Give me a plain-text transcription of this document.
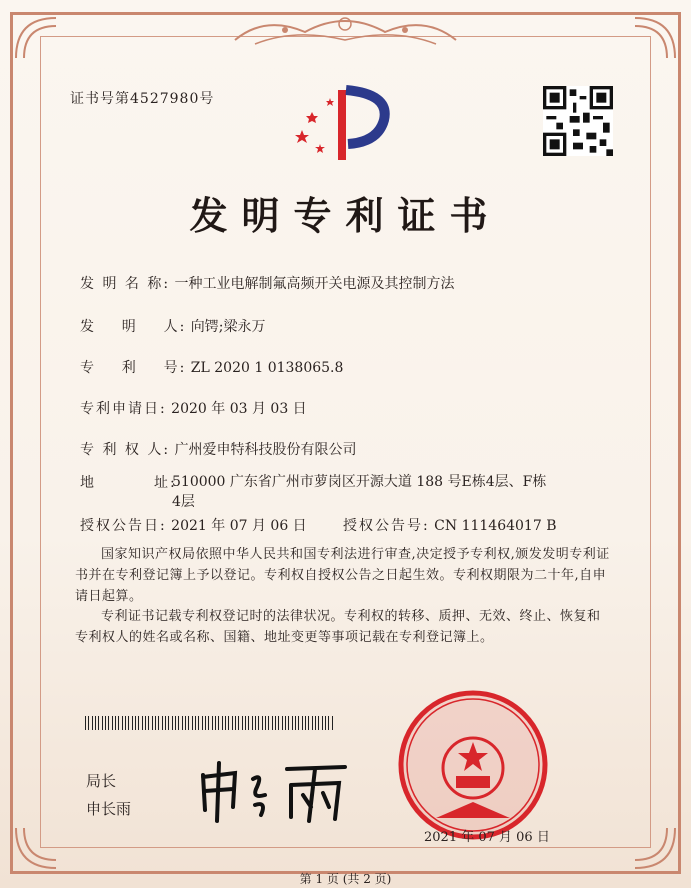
证书号第4527980号
发明专利证书
发 明 名 称: 一种工业电解制氟高频开关电源及其控制方法
发    明    人: 向锷;梁永万
专    利    号: ZL 2020 1 0138065.8
专利申请日: 2020 年 03 月 03 日
专 利 权 人: 广州爱申特科技股份有限公司
地         址:
510000 广东省广州市萝岗区开源大道 188 号E栋4层、F栋4层
授权公告日: 2021 年 07 月 06 日	授权公告号: CN 111464017 B
国家知识产权局依照中华人民共和国专利法进行审查,决定授予专利权,颁发发明专利证书并在专利登记簿上予以登记。专利权自授权公告之日起生效。专利权期限为二十年,自申请日起算。
专利证书记载专利权登记时的法律状况。专利权的转移、质押、无效、终止、恢复和专利权人的姓名或名称、国籍、地址变更等事项记载在专利登记簿上。
局长
申长雨
2021 年 07 月 06 日
第 1 页 (共 2 页)
